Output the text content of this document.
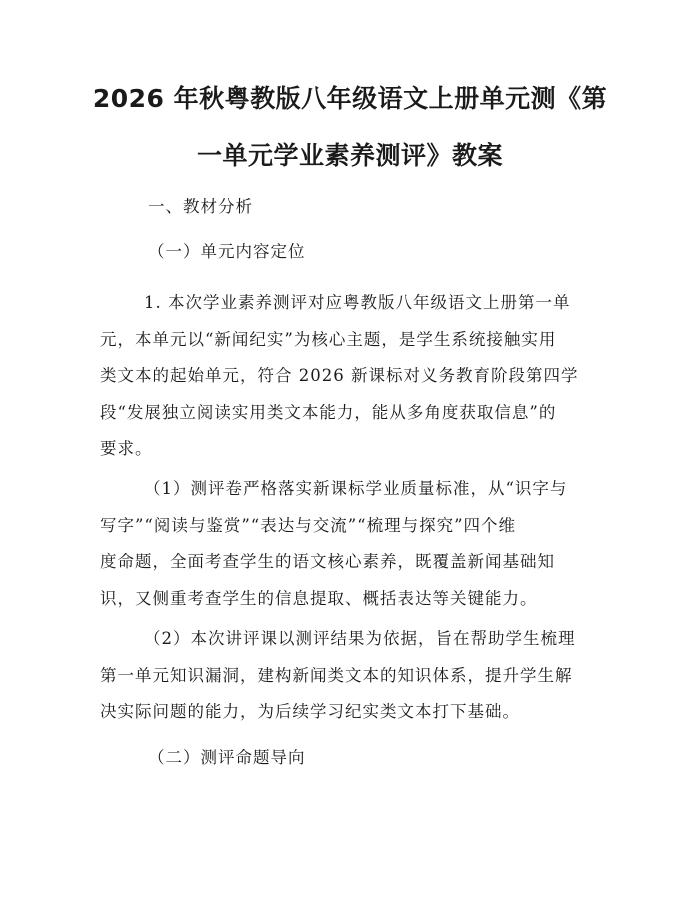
2026 年秋粤教版八年级语文上册单元测《第
一单元学业素养测评》教案
一、教材分析
（一）单元内容定位
1. 本次学业素养测评对应粤教版八年级语文上册第一单
元，本单元以“新闻纪实”为核心主题，是学生系统接触实用
类文本的起始单元，符合 2026 新课标对义务教育阶段第四学
段“发展独立阅读实用类文本能力，能从多角度获取信息”的
要求。
（1）测评卷严格落实新课标学业质量标准，从“识字与
写字”“阅读与鉴赏”“表达与交流”“梳理与探究”四个维
度命题，全面考查学生的语文核心素养，既覆盖新闻基础知
识，又侧重考查学生的信息提取、概括表达等关键能力。
（2）本次讲评课以测评结果为依据，旨在帮助学生梳理
第一单元知识漏洞，建构新闻类文本的知识体系，提升学生解
决实际问题的能力，为后续学习纪实类文本打下基础。
（二）测评命题导向
